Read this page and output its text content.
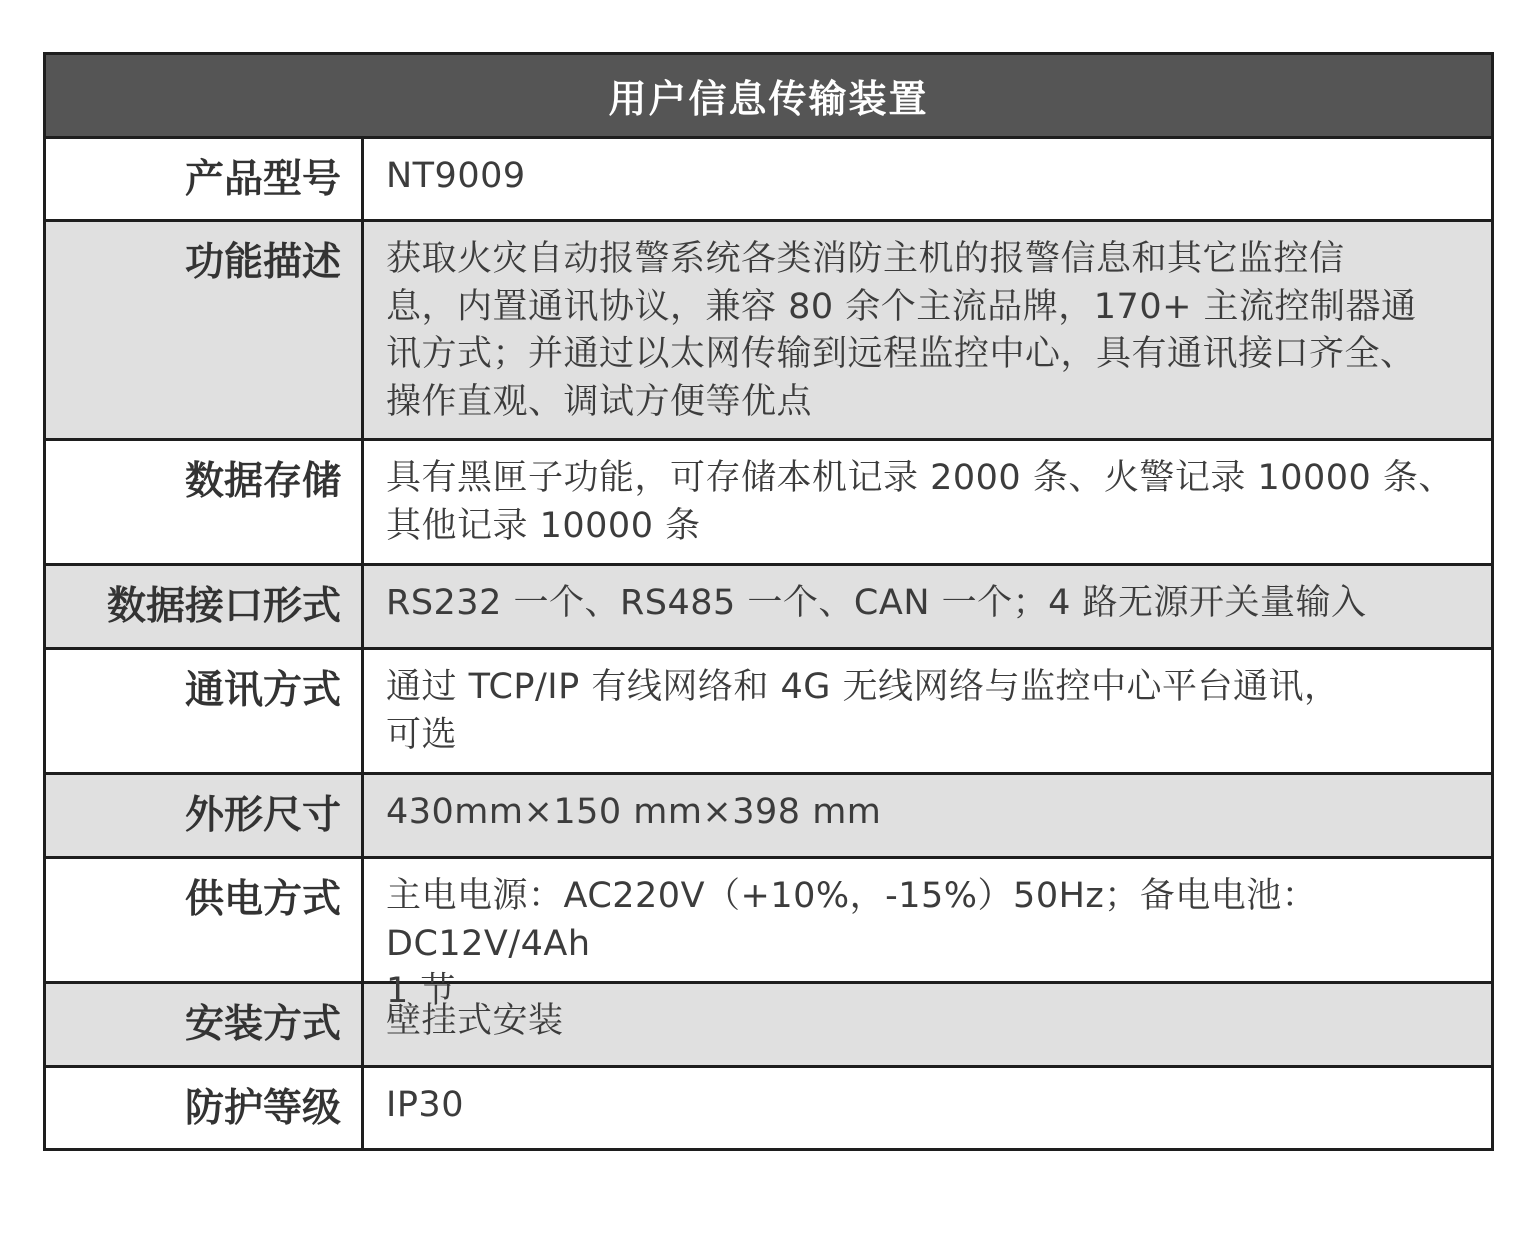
用户信息传输装置
产品型号	NT9009
功能描述	获取火灾自动报警系统各类消防主机的报警信息和其它监控信
息，内置通讯协议，兼容 80 余个主流品牌，170+ 主流控制器通
讯方式；并通过以太网传输到远程监控中心，具有通讯接口齐全、
操作直观、调试方便等优点
数据存储	具有黑匣子功能，可存储本机记录 2000 条、火警记录 10000 条、
其他记录 10000 条
数据接口形式	RS232 一个、RS485 一个、CAN 一个；4 路无源开关量输入
通讯方式	通过 TCP/IP 有线网络和 4G 无线网络与监控中心平台通讯，
可选
外形尺寸	430mm×150 mm×398 mm
供电方式	主电电源：AC220V（+10%，-15%）50Hz；备电电池：DC12V/4Ah
1 节
安装方式	壁挂式安装
防护等级	IP30
